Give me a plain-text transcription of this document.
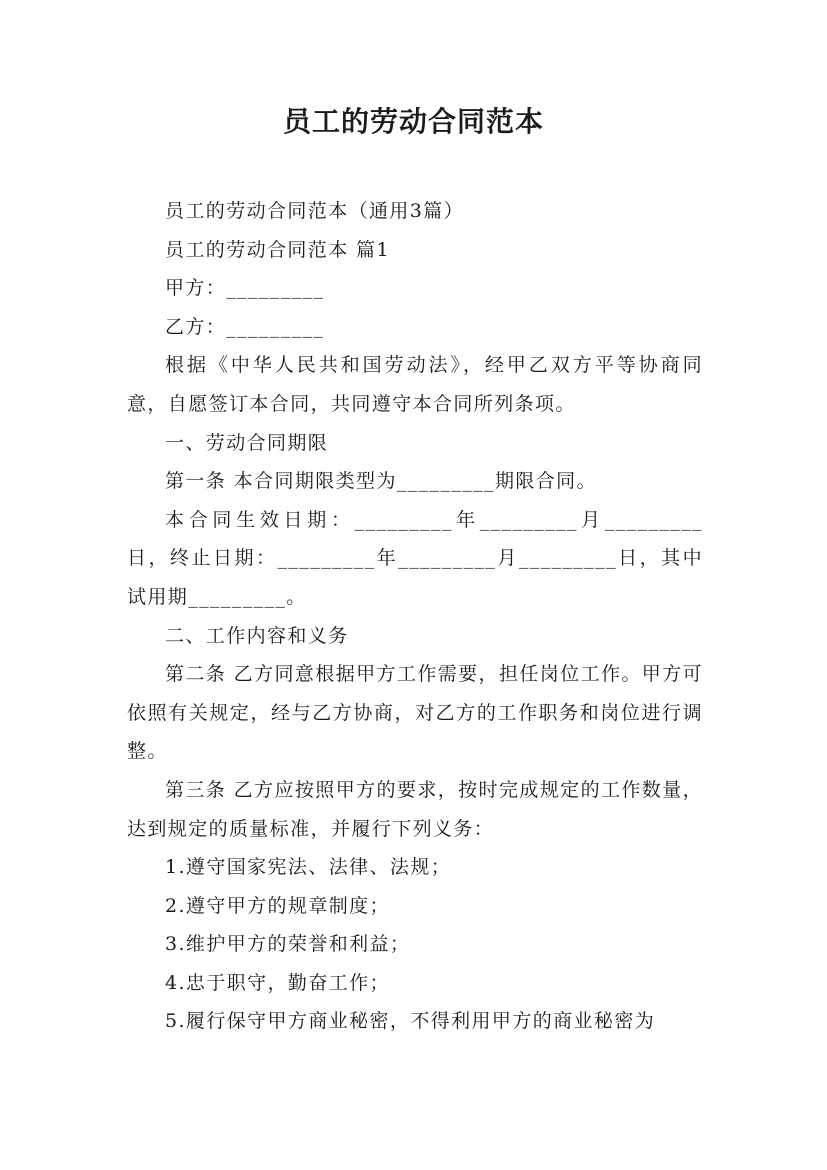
员工的劳动合同范本

员工的劳动合同范本（通用3篇）

员工的劳动合同范本 篇1

甲方：_________

乙方：_________

根据《中华人民共和国劳动法》，经甲乙双方平等协商同意，自愿签订本合同，共同遵守本合同所列条项。

一、劳动合同期限

第一条 本合同期限类型为_________期限合同。

本合同生效日期：_________年_________月_________日，终止日期：_________年_________月_________日，其中试用期_________。

二、工作内容和义务

第二条 乙方同意根据甲方工作需要，担任岗位工作。甲方可依照有关规定，经与乙方协商，对乙方的工作职务和岗位进行调整。

第三条 乙方应按照甲方的要求，按时完成规定的工作数量，达到规定的质量标准，并履行下列义务：

1.遵守国家宪法、法律、法规；

2.遵守甲方的规章制度；

3.维护甲方的荣誉和利益；

4.忠于职守，勤奋工作；

5.履行保守甲方商业秘密，不得利用甲方的商业秘密为
